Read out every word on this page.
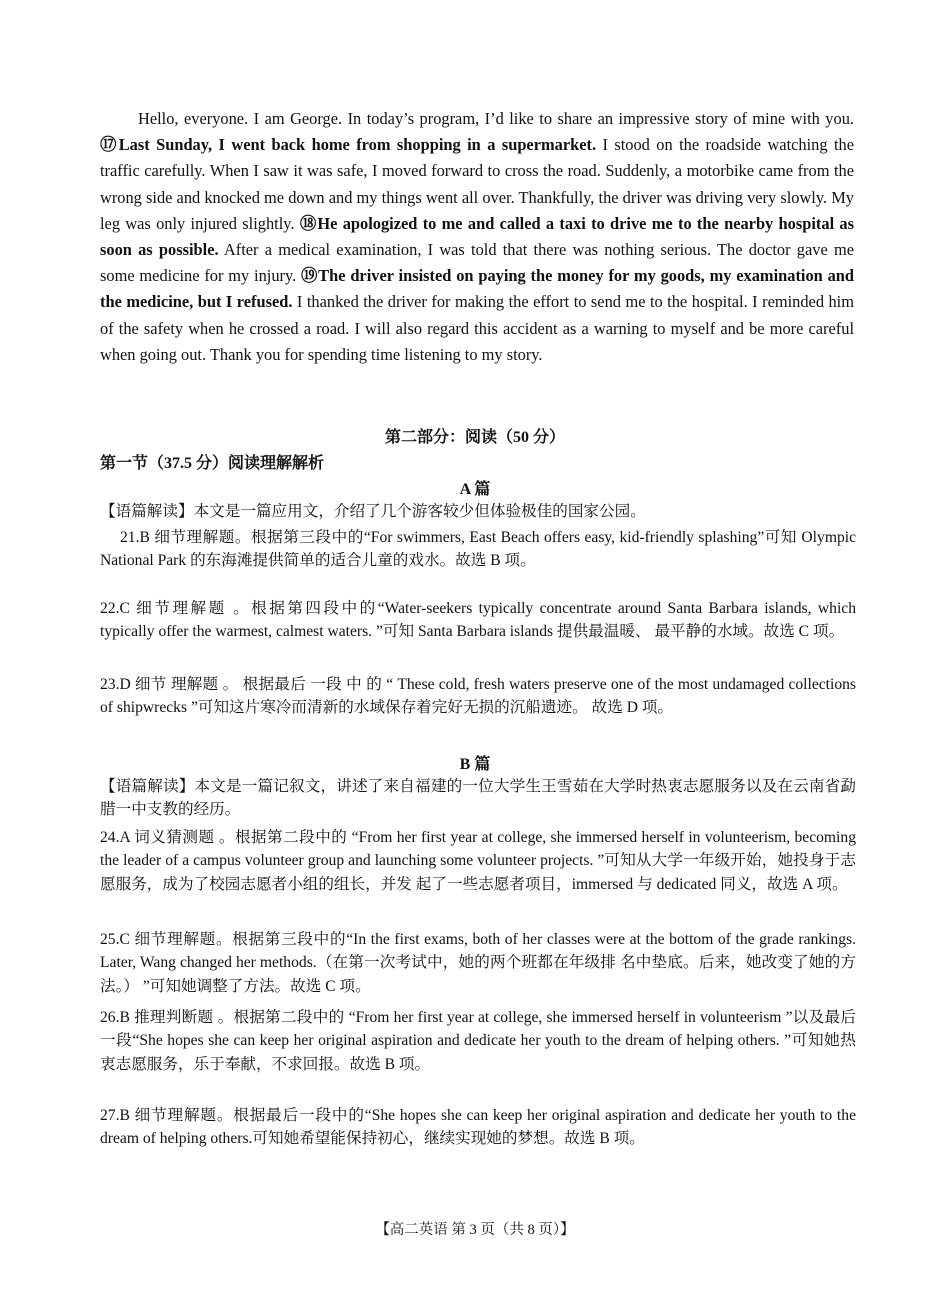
Hello, everyone. I am George. In today’s program, I’d like to share an impressive story of mine with you. ⑰Last Sunday, I went back home from shopping in a supermarket. I stood on the roadside watching the traffic carefully. When I saw it was safe, I moved forward to cross the road. Suddenly, a motorbike came from the wrong side and knocked me down and my things went all over. Thankfully, the driver was driving very slowly. My leg was only injured slightly. ⑱He apologized to me and called a taxi to drive me to the nearby hospital as soon as possible. After a medical examination, I was told that there was nothing serious. The doctor gave me some medicine for my injury. ⑲The driver insisted on paying the money for my goods, my examination and the medicine, but I refused. I thanked the driver for making the effort to send me to the hospital. I reminded him of the safety when he crossed a road. I will also regard this accident as a warning to myself and be more careful when going out. Thank you for spending time listening to my story.

第二部分：阅读（50 分）

第一节（37.5 分）阅读理解解析

A 篇

【语篇解读】本文是一篇应用文，介绍了几个游客较少但体验极佳的国家公园。

21.B 细节理解题。根据第三段中的“For swimmers, East Beach offers easy, kid-friendly splashing”可知 Olympic National Park 的东海滩提供简单的适合儿童的戏水。故选 B 项。

22.C 细节理解题 。根据第四段中的“Water-seekers typically concentrate around Santa Barbara islands, which typically offer the warmest, calmest waters. ”可知 Santa Barbara islands 提供最温暖、 最平静的水域。故选 C 项。

23.D 细节 理解题 。 根据最后 一段 中 的 “ These cold, fresh waters preserve one of the most undamaged collections of shipwrecks ”可知这片寒冷而清新的水域保存着完好无损的沉船遗迹。 故选 D 项。

B 篇

【语篇解读】本文是一篇记叙文，讲述了来自福建的一位大学生王雪茹在大学时热衷志愿服务以及在云南省勐腊一中支教的经历。

24.A 词义猜测题 。根据第二段中的 “From her first year at college, she immersed herself in volunteerism, becoming the leader of a campus volunteer group and launching some volunteer projects. ”可知从大学一年级开始，她投身于志愿服务，成为了校园志愿者小组的组长，并发 起了一些志愿者项目，immersed 与 dedicated 同义，故选 A 项。

25.C 细节理解题。根据第三段中的“In the first exams, both of her classes were at the bottom of the grade rankings. Later, Wang changed her methods.（在第一次考试中，她的两个班都在年级排 名中垫底。后来，她改变了她的方法。） ”可知她调整了方法。故选 C 项。

26.B 推理判断题 。根据第二段中的 “From her first year at college, she immersed herself in volunteerism ”以及最后一段“She hopes she can keep her original aspiration and dedicate her youth to the dream of helping others. ”可知她热衷志愿服务，乐于奉献，不求回报。故选 B 项。

27.B 细节理解题。根据最后一段中的“She hopes she can keep her original aspiration and dedicate her youth to the dream of helping others.可知她希望能保持初心，继续实现她的梦想。故选 B 项。

【高二英语 第 3 页（共 8 页）】
